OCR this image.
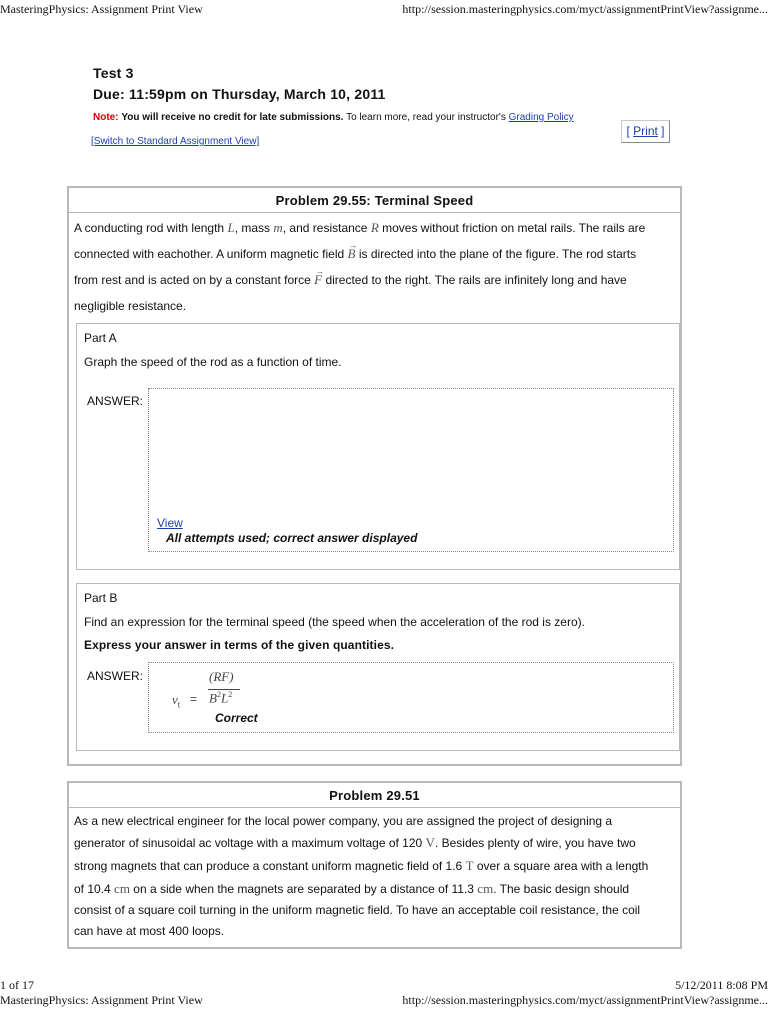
MasteringPhysics: Assignment Print View	http://session.masteringphysics.com/myct/assignmentPrintView?assignme...
Test 3
Due: 11:59pm on Thursday, March 10, 2011
Note: You will receive no credit for late submissions. To learn more, read your instructor's Grading Policy
[Switch to Standard Assignment View]
[ Print ]
Problem 29.55: Terminal Speed
A conducting rod with length L, mass m, and resistance R moves without friction on metal rails. The rails are
connected with eachother. A uniform magnetic field → B is directed into the plane of the figure. The rod starts
from rest and is acted on by a constant force → F directed to the right. The rails are infinitely long and have
negligible resistance.
Part A
Graph the speed of the rod as a function of time.
ANSWER:
View
All attempts used; correct answer displayed
Part B
Find an expression for the terminal speed (the speed when the acceleration of the rod is zero).
Express your answer in terms of the given quantities.
ANSWER:
$v_t$ =
(RF)
$B^2L^2$
Correct
Problem 29.51
As a new electrical engineer for the local power company, you are assigned the project of designing a
generator of sinusoidal ac voltage with a maximum voltage of 120 V. Besides plenty of wire, you have two
strong magnets that can produce a constant uniform magnetic field of 1.6 T over a square area with a length
of 10.4 cm on a side when the magnets are separated by a distance of 11.3 cm. The basic design should
consist of a square coil turning in the uniform magnetic field. To have an acceptable coil resistance, the coil
can have at most 400 loops.
1 of 17	5/12/2011 8:08 PM
MasteringPhysics: Assignment Print View	http://session.masteringphysics.com/myct/assignmentPrintView?assignme...
